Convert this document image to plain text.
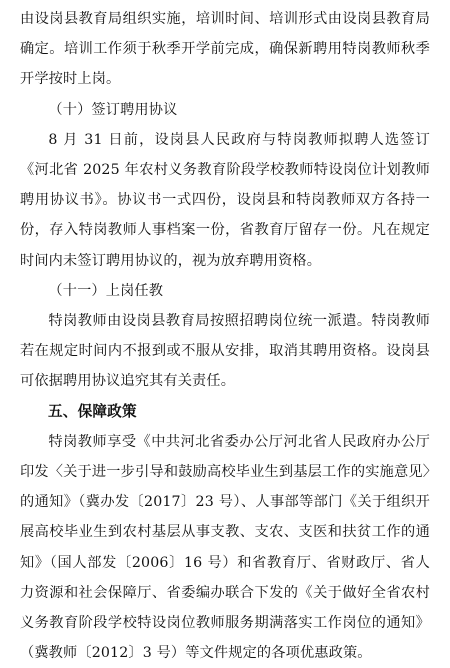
由设岗县教育局组织实施，培训时间、培训形式由设岗县教育局确定。培训工作须于秋季开学前完成，确保新聘用特岗教师秋季开学按时上岗。

（十）签订聘用协议

8 月 31 日前，设岗县人民政府与特岗教师拟聘人选签订《河北省 2025 年农村义务教育阶段学校教师特设岗位计划教师聘用协议书》。协议书一式四份，设岗县和特岗教师双方各持一份，存入特岗教师人事档案一份，省教育厅留存一份。凡在规定时间内未签订聘用协议的，视为放弃聘用资格。

（十一）上岗任教

特岗教师由设岗县教育局按照招聘岗位统一派遣。特岗教师若在规定时间内不报到或不服从安排，取消其聘用资格。设岗县可依据聘用协议追究其有关责任。

五、保障政策

特岗教师享受《中共河北省委办公厅河北省人民政府办公厅印发〈关于进一步引导和鼓励高校毕业生到基层工作的实施意见〉的通知》（冀办发〔2017〕23 号）、人事部等部门《关于组织开展高校毕业生到农村基层从事支教、支农、支医和扶贫工作的通知》（国人部发〔2006〕16 号）和省教育厅、省财政厅、省人力资源和社会保障厅、省委编办联合下发的《关于做好全省农村义务教育阶段学校特设岗位教师服务期满落实工作岗位的通知》（冀教师〔2012〕3 号）等文件规定的各项优惠政策。
